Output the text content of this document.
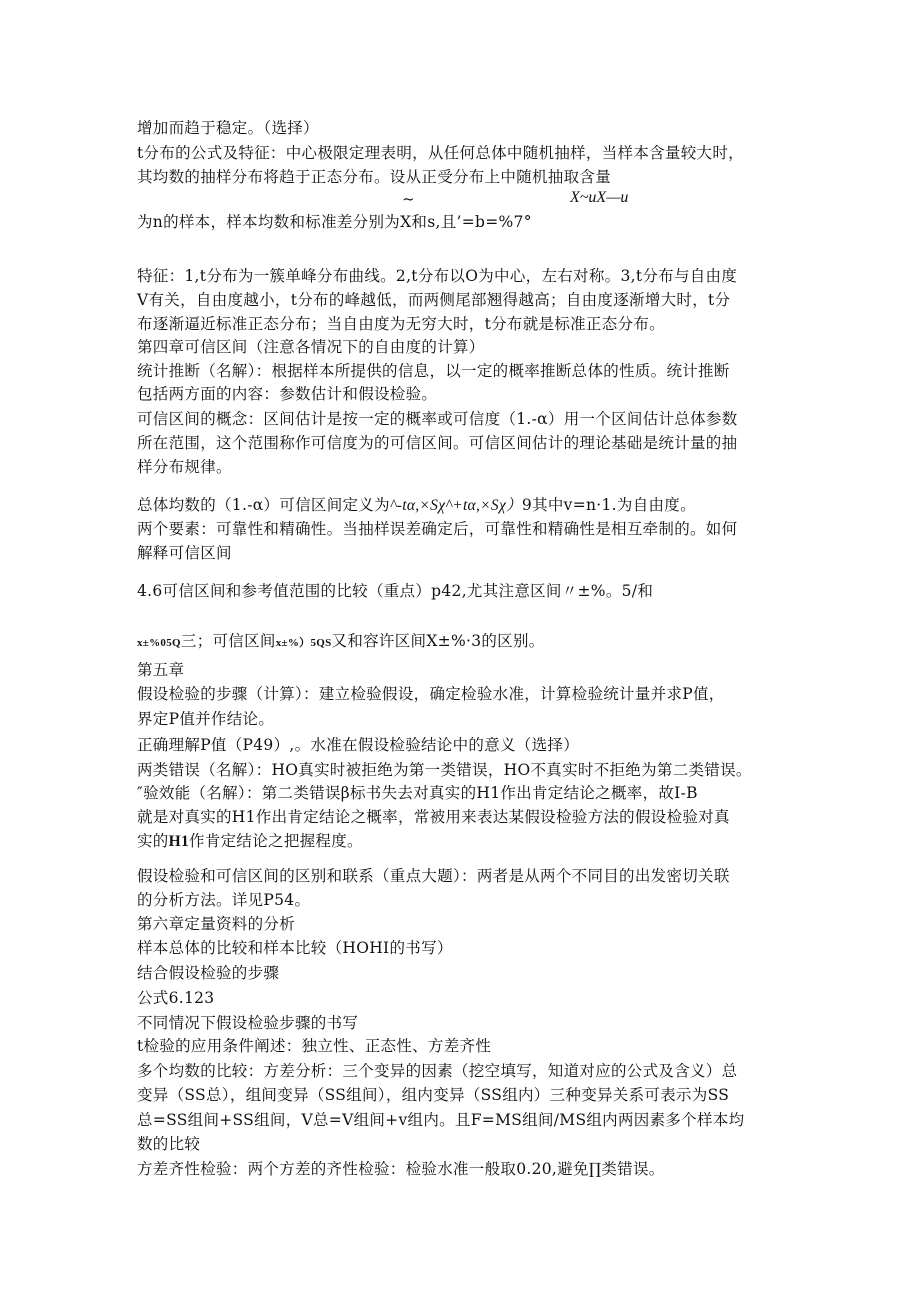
增加而趋于稳定。（选择）
t分布的公式及特征：中心极限定理表明，从任何总体中随机抽样，当样本含量较大时，
其均数的抽样分布将趋于正态分布。设从正受分布上中随机抽取含量
~	X~uX—u
为n的样本，样本均数和标准差分别为X和s,且’=b=%7°
特征：1,t分布为一簇单峰分布曲线。2,t分布以O为中心，左右对称。3,t分布与自由度
V有关，自由度越小，t分布的峰越低，而两侧尾部翘得越高；自由度逐渐增大时，t分
布逐渐逼近标准正态分布；当自由度为无穷大时，t分布就是标准正态分布。
第四章可信区间（注意各情况下的自由度的计算）
统计推断（名解）：根据样本所提供的信息，以一定的概率推断总体的性质。统计推断
包括两方面的内容：参数估计和假设检验。
可信区间的概念：区间估计是按一定的概率或可信度（1.-α）用一个区间估计总体参数
所在范围，这个范围称作可信度为的可信区间。可信区间估计的理论基础是统计量的抽
样分布规律。
总体均数的（1.-α）可信区间定义为^-tα,×Sχ^+tα,×Sχ）9其中v=n·1.为自由度。
两个要素：可靠性和精确性。当抽样误差确定后，可靠性和精确性是相互牵制的。如何
解释可信区间
4.6可信区间和参考值范围的比较（重点）p42,尤其注意区间〃±%。5/和
x±%05Q三；可信区间x±%）5QS又和容许区间X±%·3的区别。
第五章
假设检验的步骤（计算）：建立检验假设，确定检验水准，计算检验统计量并求P值，
界定P值并作结论。
正确理解P值（P49）,。水准在假设检验结论中的意义（选择）
两类错误（名解）：HO真实时被拒绝为第一类错误，HO不真实时不拒绝为第二类错误。
″验效能（名解）：第二类错误β标书失去对真实的H1作出肯定结论之概率，故I-B
就是对真实的H1作出肯定结论之概率，常被用来表达某假设检验方法的假设检验对真
实的H1作肯定结论之把握程度。
假设检验和可信区间的区别和联系（重点大题）：两者是从两个不同目的出发密切关联
的分析方法。详见P54。
第六章定量资料的分析
样本总体的比较和样本比较（HOHI的书写）
结合假设检验的步骤
公式6.123
不同情况下假设检验步骤的书写
t检验的应用条件阐述：独立性、正态性、方差齐性
多个均数的比较：方差分析：三个变异的因素（挖空填写，知道对应的公式及含义）总
变异（SS总），组间变异（SS组间），组内变异（SS组内）三种变异关系可表示为SS
总=SS组间+SS组间，V总=V组间+v组内。且F=MS组间/MS组内两因素多个样本均
数的比较
方差齐性检验：两个方差的齐性检验：检验水准一般取0.20,避免∏类错误。
